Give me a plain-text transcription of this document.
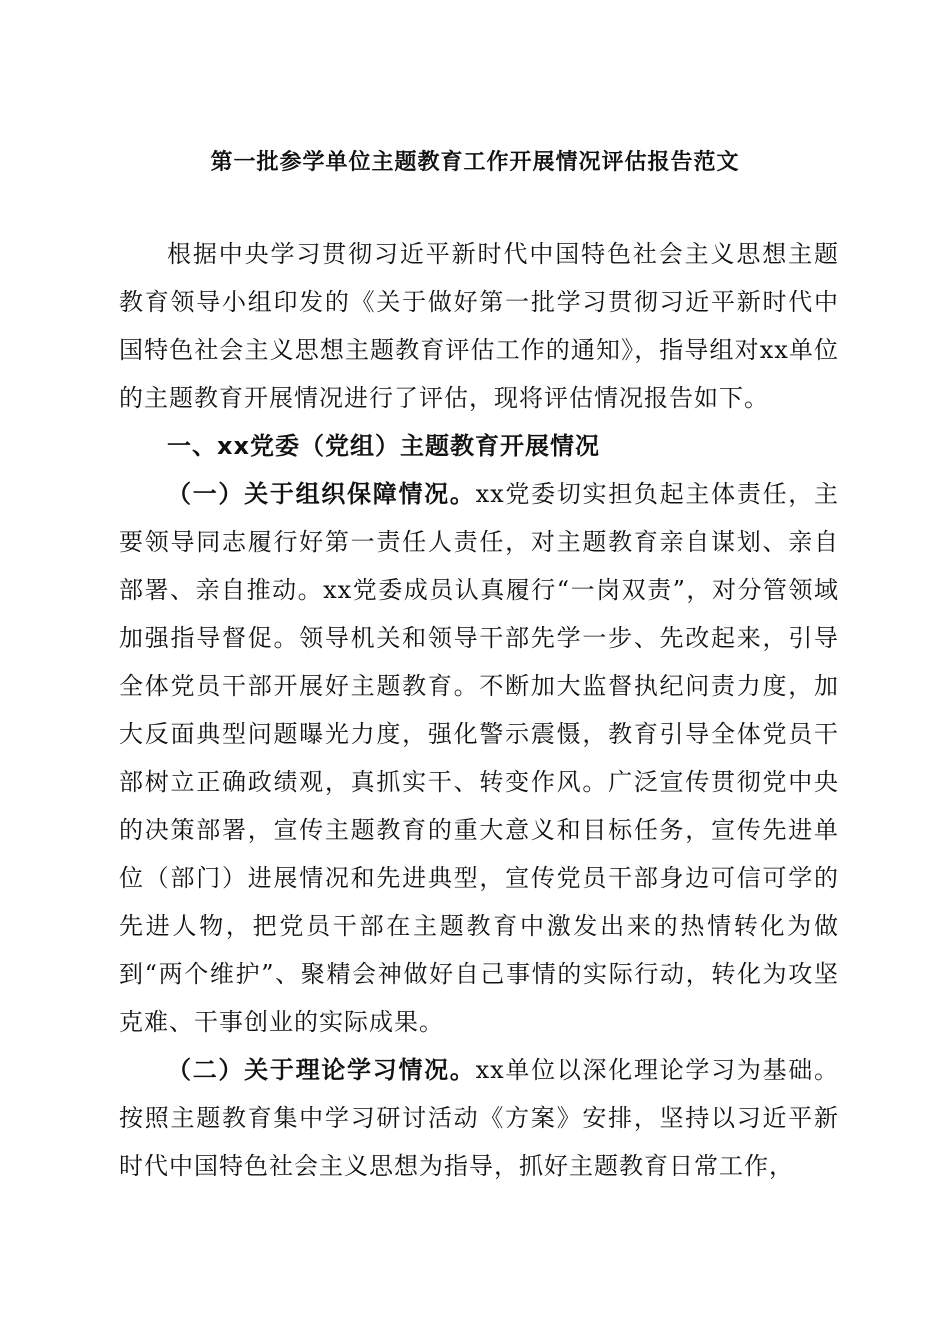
第一批参学单位主题教育工作开展情况评估报告范文

根据中央学习贯彻习近平新时代中国特色社会主义思想主题教育领导小组印发的《关于做好第一批学习贯彻习近平新时代中国特色社会主义思想主题教育评估工作的通知》，指导组对xx单位的主题教育开展情况进行了评估，现将评估情况报告如下。

一、xx党委（党组）主题教育开展情况

（一）关于组织保障情况。xx党委切实担负起主体责任，主要领导同志履行好第一责任人责任，对主题教育亲自谋划、亲自部署、亲自推动。xx党委成员认真履行“一岗双责”，对分管领域加强指导督促。领导机关和领导干部先学一步、先改起来，引导全体党员干部开展好主题教育。不断加大监督执纪问责力度，加大反面典型问题曝光力度，强化警示震慑，教育引导全体党员干部树立正确政绩观，真抓实干、转变作风。广泛宣传贯彻党中央的决策部署，宣传主题教育的重大意义和目标任务，宣传先进单位（部门）进展情况和先进典型，宣传党员干部身边可信可学的先进人物，把党员干部在主题教育中激发出来的热情转化为做到“两个维护”、聚精会神做好自己事情的实际行动，转化为攻坚克难、干事创业的实际成果。

（二）关于理论学习情况。xx单位以深化理论学习为基础。按照主题教育集中学习研讨活动《方案》安排，坚持以习近平新时代中国特色社会主义思想为指导，抓好主题教育日常工作，
